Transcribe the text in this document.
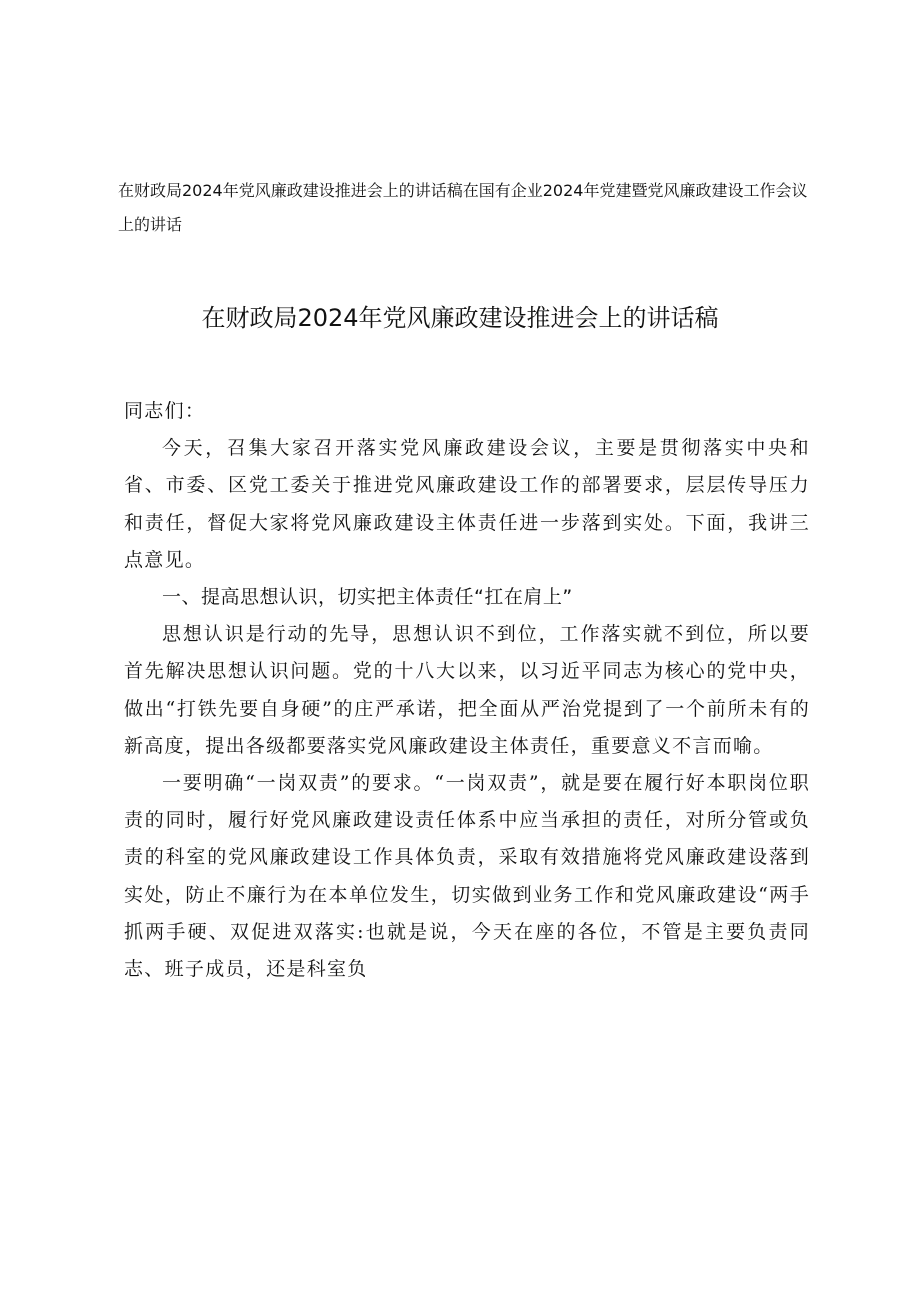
在财政局2024年党风廉政建设推进会上的讲话稿在国有企业2024年党建暨党风廉政建设工作会议上的讲话
在财政局2024年党风廉政建设推进会上的讲话稿

同志们：

今天，召集大家召开落实党风廉政建设会议，主要是贯彻落实中央和省、市委、区党工委关于推进党风廉政建设工作的部署要求，层层传导压力和责任，督促大家将党风廉政建设主体责任进一步落到实处。下面，我讲三点意见。

一、提高思想认识，切实把主体责任“扛在肩上”

思想认识是行动的先导，思想认识不到位，工作落实就不到位，所以要首先解决思想认识问题。党的十八大以来，以习近平同志为核心的党中央，做出“打铁先要自身硬”的庄严承诺，把全面从严治党提到了一个前所未有的新高度，提出各级都要落实党风廉政建设主体责任，重要意义不言而喻。

一要明确“一岗双责”的要求。“一岗双责”，就是要在履行好本职岗位职责的同时，履行好党风廉政建设责任体系中应当承担的责任，对所分管或负责的科室的党风廉政建设工作具体负责，采取有效措施将党风廉政建设落到实处，防止不廉行为在本单位发生，切实做到业务工作和党风廉政建设“两手抓两手硬、双促进双落实:也就是说，今天在座的各位，不管是主要负责同志、班子成员，还是科室负
